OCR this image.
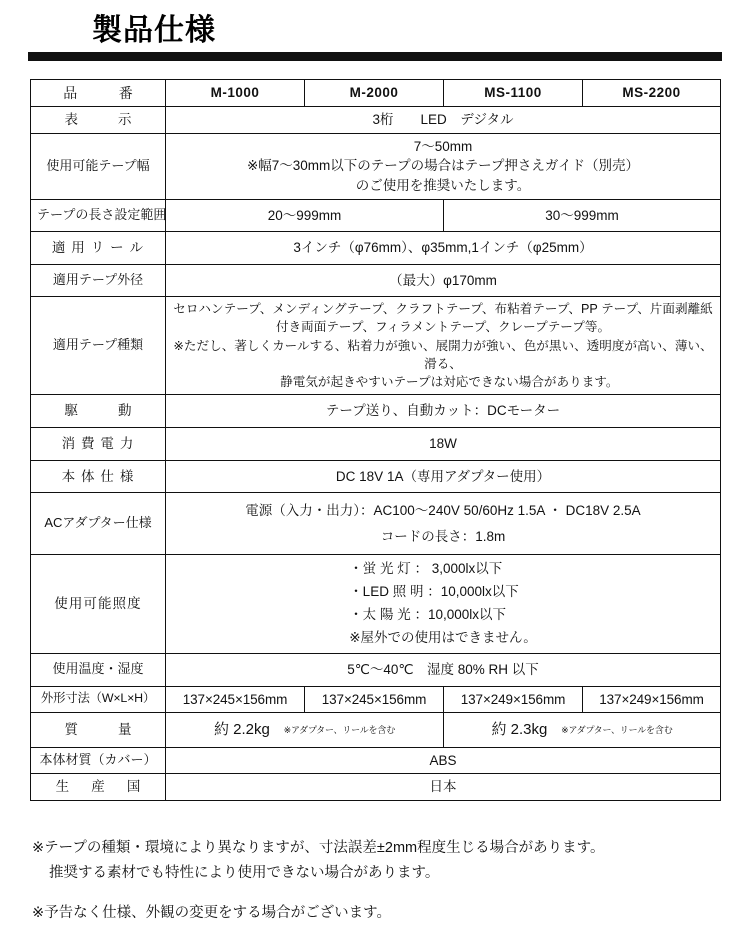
製品仕様
品　　番	M-1000	M-2000	MS-1100	MS-2200
表　　示	3桁　　LED　デジタル			
使用可能テープ幅	7〜50mm
※幅7〜30mm以下のテープの場合はテープ押さえガイド（別売）
のご使用を推奨いたします。			

テープの長さ設定範囲	20〜999mm		30〜999mm	
適 用 リ ー ル	3インチ（φ76mm）、φ35mm,1インチ（φ25mm）			
適用テープ外径	（最大）φ170mm			
適用テープ種類	セロハンテープ、メンディングテープ、クラフトテープ、布粘着テープ、PP テープ、片面剥離紙
付き両面テープ、フィラメントテープ、クレープテープ等。
※ただし、著しくカールする、粘着力が強い、展開力が強い、色が黒い、透明度が高い、薄い、滑る、
　静電気が起きやすいテープは対応できない場合があります。			

駆　　動	テープ送り、自動カット：DCモーター			
消 費 電 力	18W			
本 体 仕 様	DC 18V 1A（専用アダプター使用）			
ACアダプター仕様	電源（入力・出力）：AC100〜240V 50/60Hz 1.5A ・ DC18V 2.5A
コードの長さ：1.8m			

使用可能照度	・蛍 光 灯 ： 3,000lx以下
・LED 照 明 ：10,000lx以下
・太 陽 光 ：10,000lx以下
※屋外での使用はできません。			

使用温度・湿度	5℃〜40℃　湿度 80% RH 以下			
外形寸法（W×L×H）	137×245×156mm	137×245×156mm	137×249×156mm	137×249×156mm
質　　量	約 2.2kg ※アダプター、リールを含む		約 2.3kg ※アダプター、リールを含む	
本体材質（カバー）	ABS			
生　産　国	日本			
※テープの種類・環境により異なりますが、寸法誤差±2mm程度生じる場合があります。
推奨する素材でも特性により使用できない場合があります。
※予告なく仕様、外観の変更をする場合がございます。
